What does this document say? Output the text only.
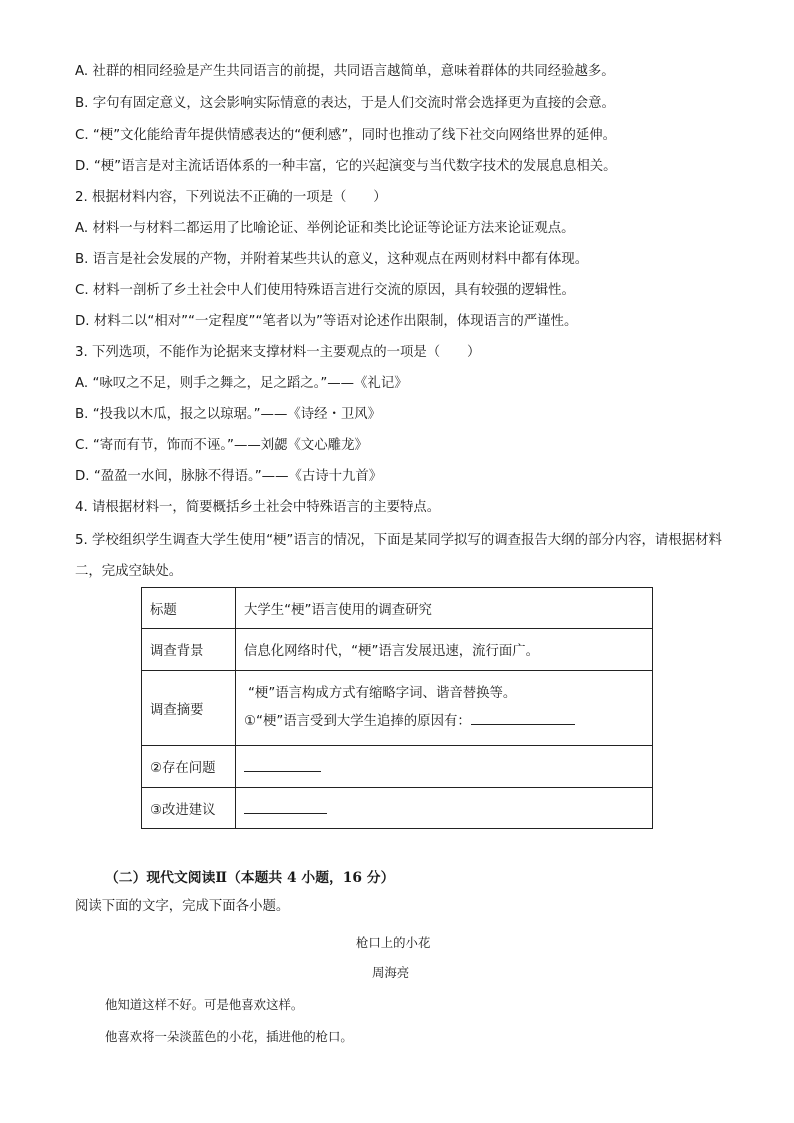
A. 社群的相同经验是产生共同语言的前提，共同语言越简单，意味着群体的共同经验越多。
B. 字句有固定意义，这会影响实际情意的表达，于是人们交流时常会选择更为直接的会意。
C. “梗”文化能给青年提供情感表达的“便利感”，同时也推动了线下社交向网络世界的延伸。
D. “梗”语言是对主流话语体系的一种丰富，它的兴起演变与当代数字技术的发展息息相关。
2. 根据材料内容，下列说法不正确的一项是（　　）
A. 材料一与材料二都运用了比喻论证、举例论证和类比论证等论证方法来论证观点。
B. 语言是社会发展的产物，并附着某些共认的意义，这种观点在两则材料中都有体现。
C. 材料一剖析了乡土社会中人们使用特殊语言进行交流的原因，具有较强的逻辑性。
D. 材料二以“相对”“一定程度”“笔者以为”等语对论述作出限制，体现语言的严谨性。
3. 下列选项，不能作为论据来支撑材料一主要观点的一项是（　　）
A. “咏叹之不足，则手之舞之，足之蹈之。”——《礼记》
B. “投我以木瓜，报之以琼琚。”——《诗经・卫风》
C. “寄而有节，饰而不诬。”——刘勰《文心雕龙》
D. “盈盈一水间，脉脉不得语。”——《古诗十九首》
4. 请根据材料一，简要概括乡土社会中特殊语言的主要特点。
5. 学校组织学生调查大学生使用“梗”语言的情况，下面是某同学拟写的调查报告大纲的部分内容，请根据材料二，完成空缺处。
标题	大学生“梗”语言使用的调查研究
调查背景	信息化网络时代，“梗”语言发展迅速，流行面广。
调查摘要	“梗”语言构成方式有缩略字词、谐音替换等。
①“梗”语言受到大学生追捧的原因有：

②存在问题	
③改进建议	
（二）现代文阅读Ⅱ（本题共 4 小题，16 分）
阅读下面的文字，完成下面各小题。
枪口上的小花
周海亮
他知道这样不好。可是他喜欢这样。
他喜欢将一朵淡蓝色的小花，插进他的枪口。
